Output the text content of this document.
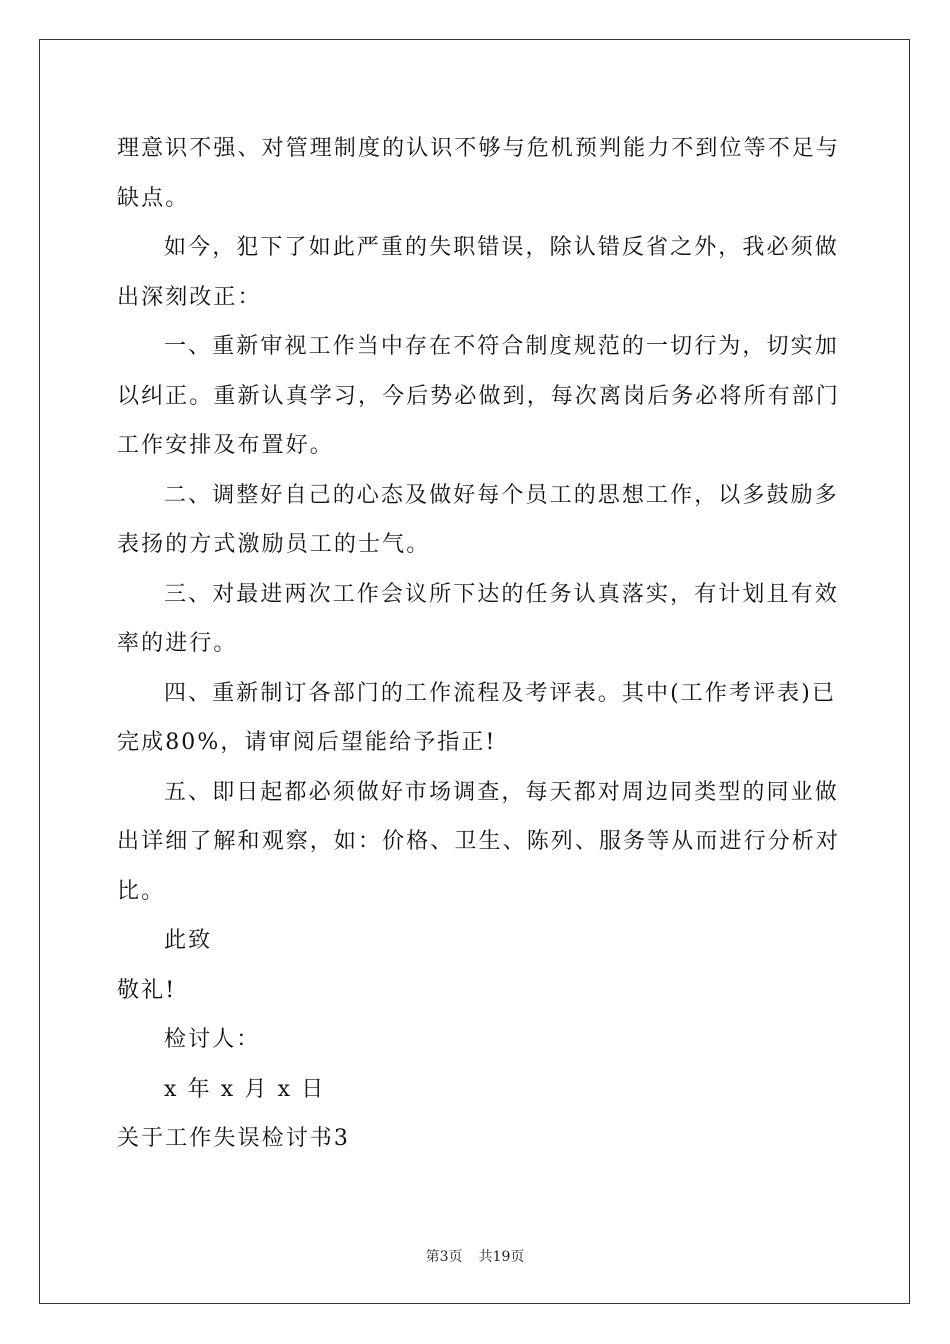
理意识不强、对管理制度的认识不够与危机预判能力不到位等不足与
缺点。
如今，犯下了如此严重的失职错误，除认错反省之外，我必须做
出深刻改正：
一、重新审视工作当中存在不符合制度规范的一切行为，切实加
以纠正。重新认真学习，今后势必做到，每次离岗后务必将所有部门
工作安排及布置好。
二、调整好自己的心态及做好每个员工的思想工作，以多鼓励多
表扬的方式激励员工的士气。
三、对最进两次工作会议所下达的任务认真落实，有计划且有效
率的进行。
四、重新制订各部门的工作流程及考评表。其中(工作考评表)已
完成80%，请审阅后望能给予指正!
五、即日起都必须做好市场调查，每天都对周边同类型的同业做
出详细了解和观察，如：价格、卫生、陈列、服务等从而进行分析对
比。
此致
敬礼!
检讨人：
x 年 x 月 x 日
关于工作失误检讨书3
第3页 共19页
